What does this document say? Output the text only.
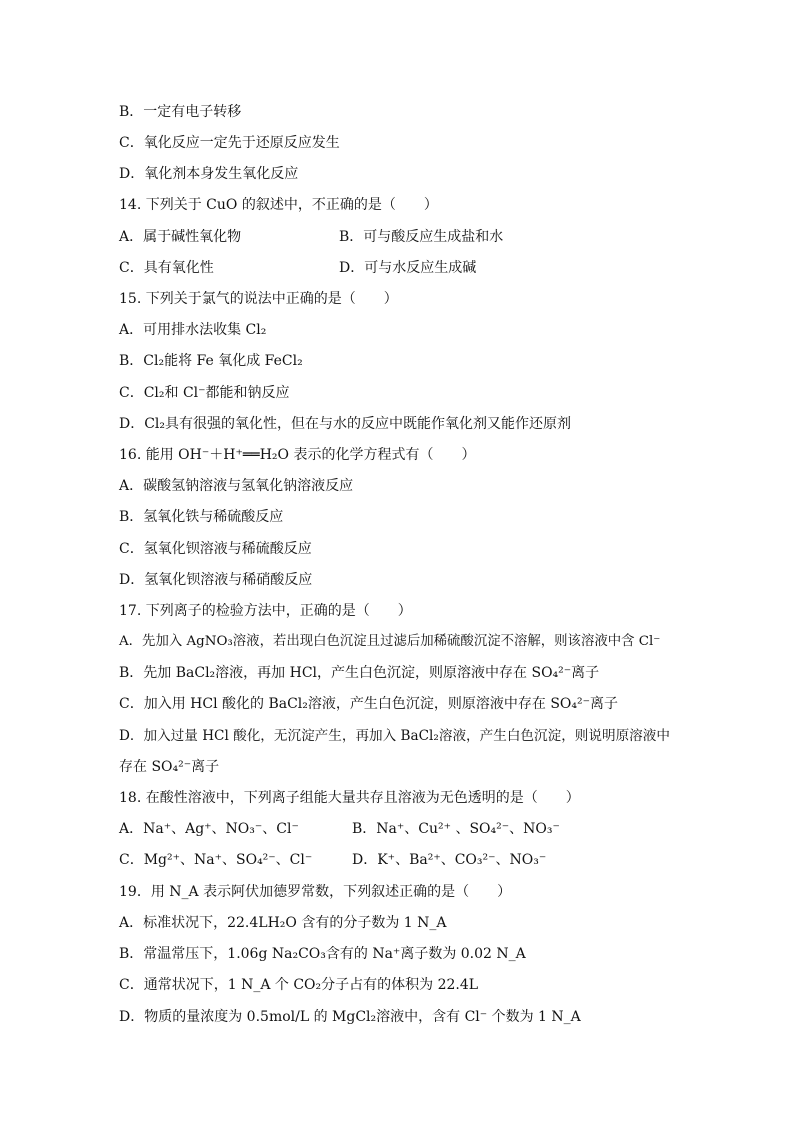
B．一定有电子转移
C．氧化反应一定先于还原反应发生
D．氧化剂本身发生氧化反应
14. 下列关于 CuO 的叙述中，不正确的是（　　）
A．属于碱性氧化物	B．可与酸反应生成盐和水
C．具有氧化性	D．可与水反应生成碱
15. 下列关于氯气的说法中正确的是（　　）
A．可用排水法收集 Cl₂
B．Cl₂能将 Fe 氧化成 FeCl₂
C．Cl₂和 Cl⁻都能和钠反应
D．Cl₂具有很强的氧化性，但在与水的反应中既能作氧化剂又能作还原剂
16. 能用 OH⁻＋H⁺══H₂O 表示的化学方程式有（　　）
A．碳酸氢钠溶液与氢氧化钠溶液反应
B．氢氧化铁与稀硫酸反应
C．氢氧化钡溶液与稀硫酸反应
D．氢氧化钡溶液与稀硝酸反应
17. 下列离子的检验方法中，正确的是（　　）
A．先加入 AgNO₃溶液，若出现白色沉淀且过滤后加稀硫酸沉淀不溶解，则该溶液中含 Cl⁻
B．先加 BaCl₂溶液，再加 HCl，产生白色沉淀，则原溶液中存在 SO₄²⁻离子
C．加入用 HCl 酸化的 BaCl₂溶液，产生白色沉淀，则原溶液中存在 SO₄²⁻离子
D．加入过量 HCl 酸化，无沉淀产生，再加入 BaCl₂溶液，产生白色沉淀，则说明原溶液中
存在 SO₄²⁻离子
18. 在酸性溶液中，下列离子组能大量共存且溶液为无色透明的是（　　）
A．Na⁺、Ag⁺、NO₃⁻、Cl⁻	B．Na⁺、Cu²⁺ 、SO₄²⁻、NO₃⁻
C．Mg²⁺、Na⁺、SO₄²⁻、Cl⁻	D．K⁺、Ba²⁺、CO₃²⁻、NO₃⁻
19．用 N_A 表示阿伏加德罗常数，下列叙述正确的是（　　）
A．标准状况下，22.4LH₂O 含有的分子数为 1 N_A
B．常温常压下，1.06g Na₂CO₃含有的 Na⁺离子数为 0.02 N_A
C．通常状况下，1 N_A 个 CO₂分子占有的体积为 22.4L
D．物质的量浓度为 0.5mol/L 的 MgCl₂溶液中，含有 Cl⁻ 个数为 1 N_A
